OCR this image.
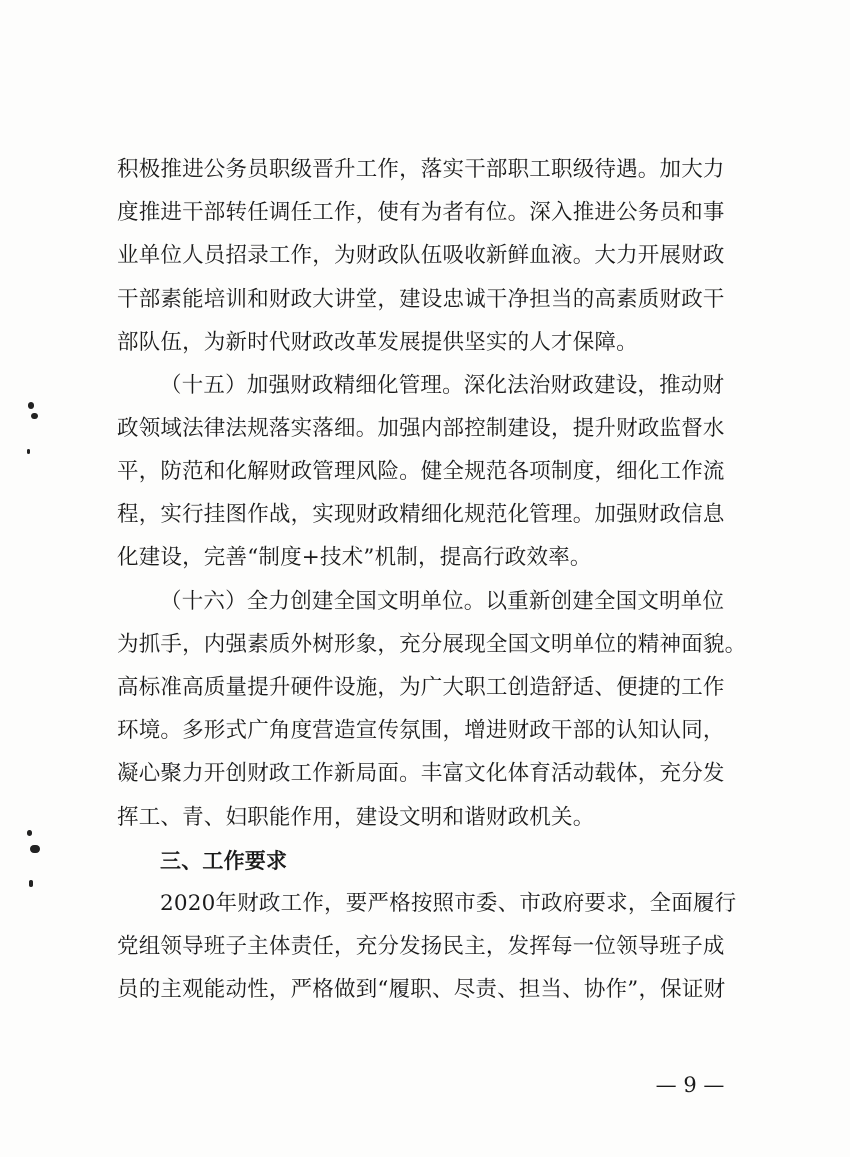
积极推进公务员职级晋升工作，落实干部职工职级待遇。加大力
度推进干部转任调任工作，使有为者有位。深入推进公务员和事
业单位人员招录工作，为财政队伍吸收新鲜血液。大力开展财政
干部素能培训和财政大讲堂，建设忠诚干净担当的高素质财政干
部队伍，为新时代财政改革发展提供坚实的人才保障。
（十五）加强财政精细化管理。深化法治财政建设，推动财
政领域法律法规落实落细。加强内部控制建设，提升财政监督水
平，防范和化解财政管理风险。健全规范各项制度，细化工作流
程，实行挂图作战，实现财政精细化规范化管理。加强财政信息
化建设，完善“制度+技术”机制，提高行政效率。
（十六）全力创建全国文明单位。以重新创建全国文明单位
为抓手，内强素质外树形象，充分展现全国文明单位的精神面貌。
高标准高质量提升硬件设施，为广大职工创造舒适、便捷的工作
环境。多形式广角度营造宣传氛围，增进财政干部的认知认同，
凝心聚力开创财政工作新局面。丰富文化体育活动载体，充分发
挥工、青、妇职能作用，建设文明和谐财政机关。
三、工作要求
2020年财政工作，要严格按照市委、市政府要求，全面履行
党组领导班子主体责任，充分发扬民主，发挥每一位领导班子成
员的主观能动性，严格做到“履职、尽责、担当、协作”，保证财
— 9 —
